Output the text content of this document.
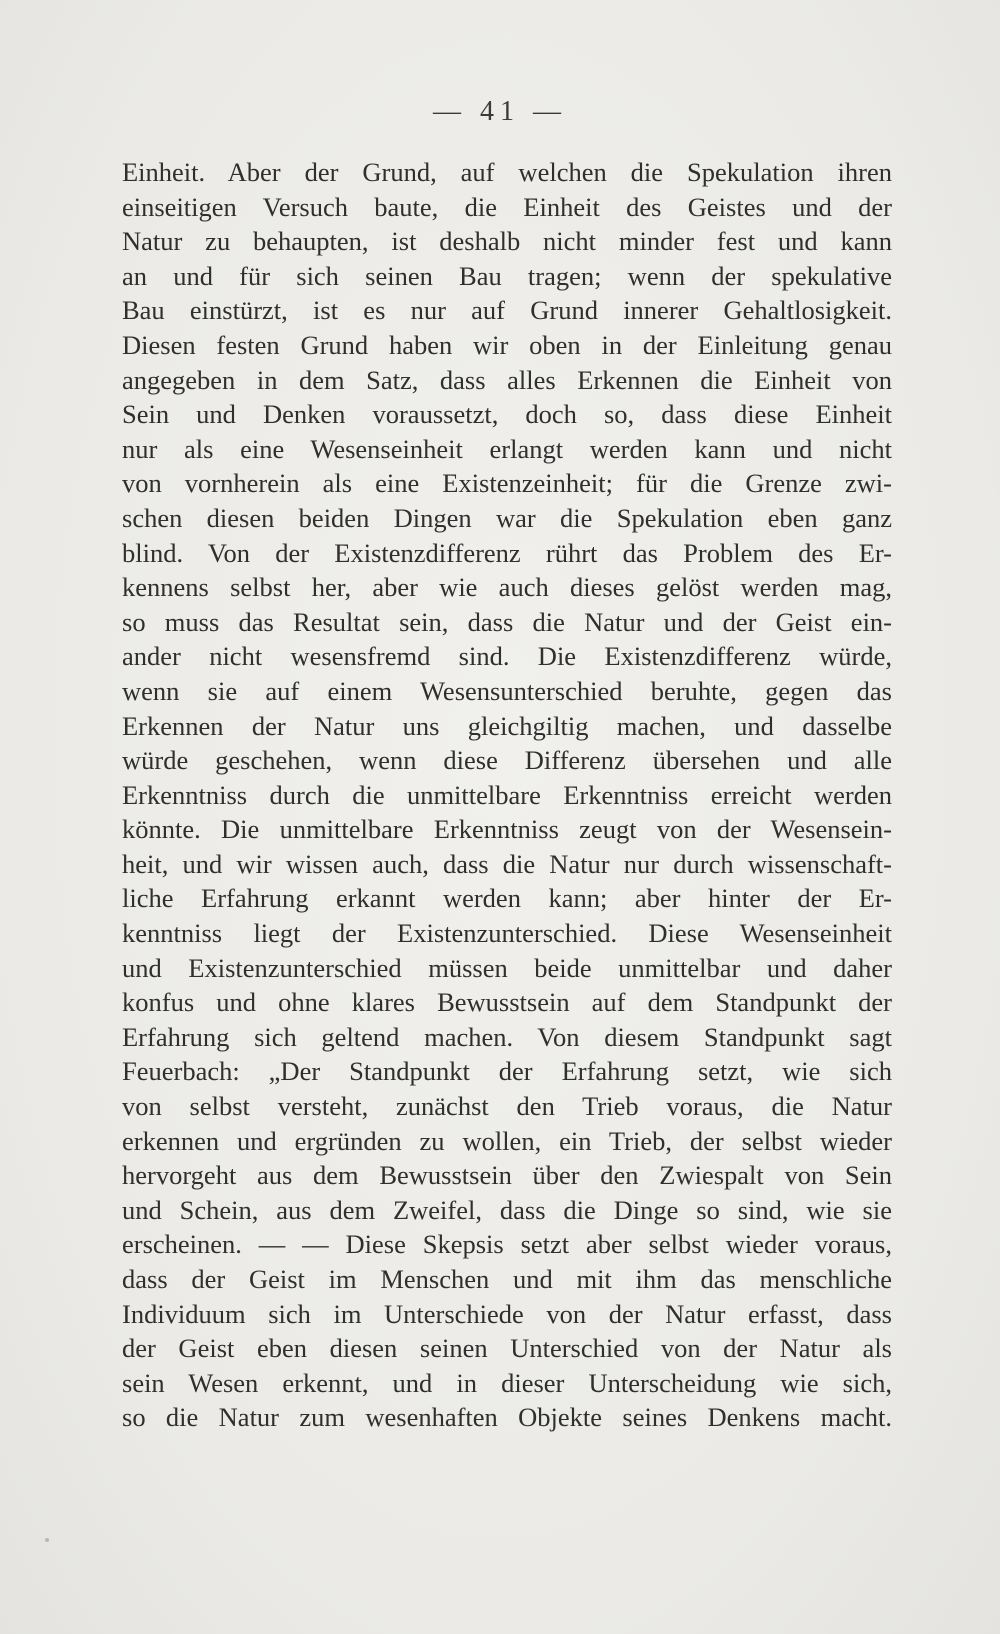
— 41 —
Einheit. Aber der Grund, auf welchen die Spekulation ihren
einseitigen Versuch baute, die Einheit des Geistes und der
Natur zu behaupten, ist deshalb nicht minder fest und kann
an und für sich seinen Bau tragen; wenn der spekulative
Bau einstürzt, ist es nur auf Grund innerer Gehaltlosigkeit.
Diesen festen Grund haben wir oben in der Einleitung genau
angegeben in dem Satz, dass alles Erkennen die Einheit von
Sein und Denken voraussetzt, doch so, dass diese Einheit
nur als eine Wesenseinheit erlangt werden kann und nicht
von vornherein als eine Existenzeinheit; für die Grenze zwi-
schen diesen beiden Dingen war die Spekulation eben ganz
blind. Von der Existenzdifferenz rührt das Problem des Er-
kennens selbst her, aber wie auch dieses gelöst werden mag,
so muss das Resultat sein, dass die Natur und der Geist ein-
ander nicht wesensfremd sind. Die Existenzdifferenz würde,
wenn sie auf einem Wesensunterschied beruhte, gegen das
Erkennen der Natur uns gleichgiltig machen, und dasselbe
würde geschehen, wenn diese Differenz übersehen und alle
Erkenntniss durch die unmittelbare Erkenntniss erreicht werden
könnte. Die unmittelbare Erkenntniss zeugt von der Wesensein-
heit, und wir wissen auch, dass die Natur nur durch wissenschaft-
liche Erfahrung erkannt werden kann; aber hinter der Er-
kenntniss liegt der Existenzunterschied. Diese Wesenseinheit
und Existenzunterschied müssen beide unmittelbar und daher
konfus und ohne klares Bewusstsein auf dem Standpunkt der
Erfahrung sich geltend machen. Von diesem Standpunkt sagt
Feuerbach: „Der Standpunkt der Erfahrung setzt, wie sich
von selbst versteht, zunächst den Trieb voraus, die Natur
erkennen und ergründen zu wollen, ein Trieb, der selbst wieder
hervorgeht aus dem Bewusstsein über den Zwiespalt von Sein
und Schein, aus dem Zweifel, dass die Dinge so sind, wie sie
erscheinen. — — Diese Skepsis setzt aber selbst wieder voraus,
dass der Geist im Menschen und mit ihm das menschliche
Individuum sich im Unterschiede von der Natur erfasst, dass
der Geist eben diesen seinen Unterschied von der Natur als
sein Wesen erkennt, und in dieser Unterscheidung wie sich,
so die Natur zum wesenhaften Objekte seines Denkens macht.
